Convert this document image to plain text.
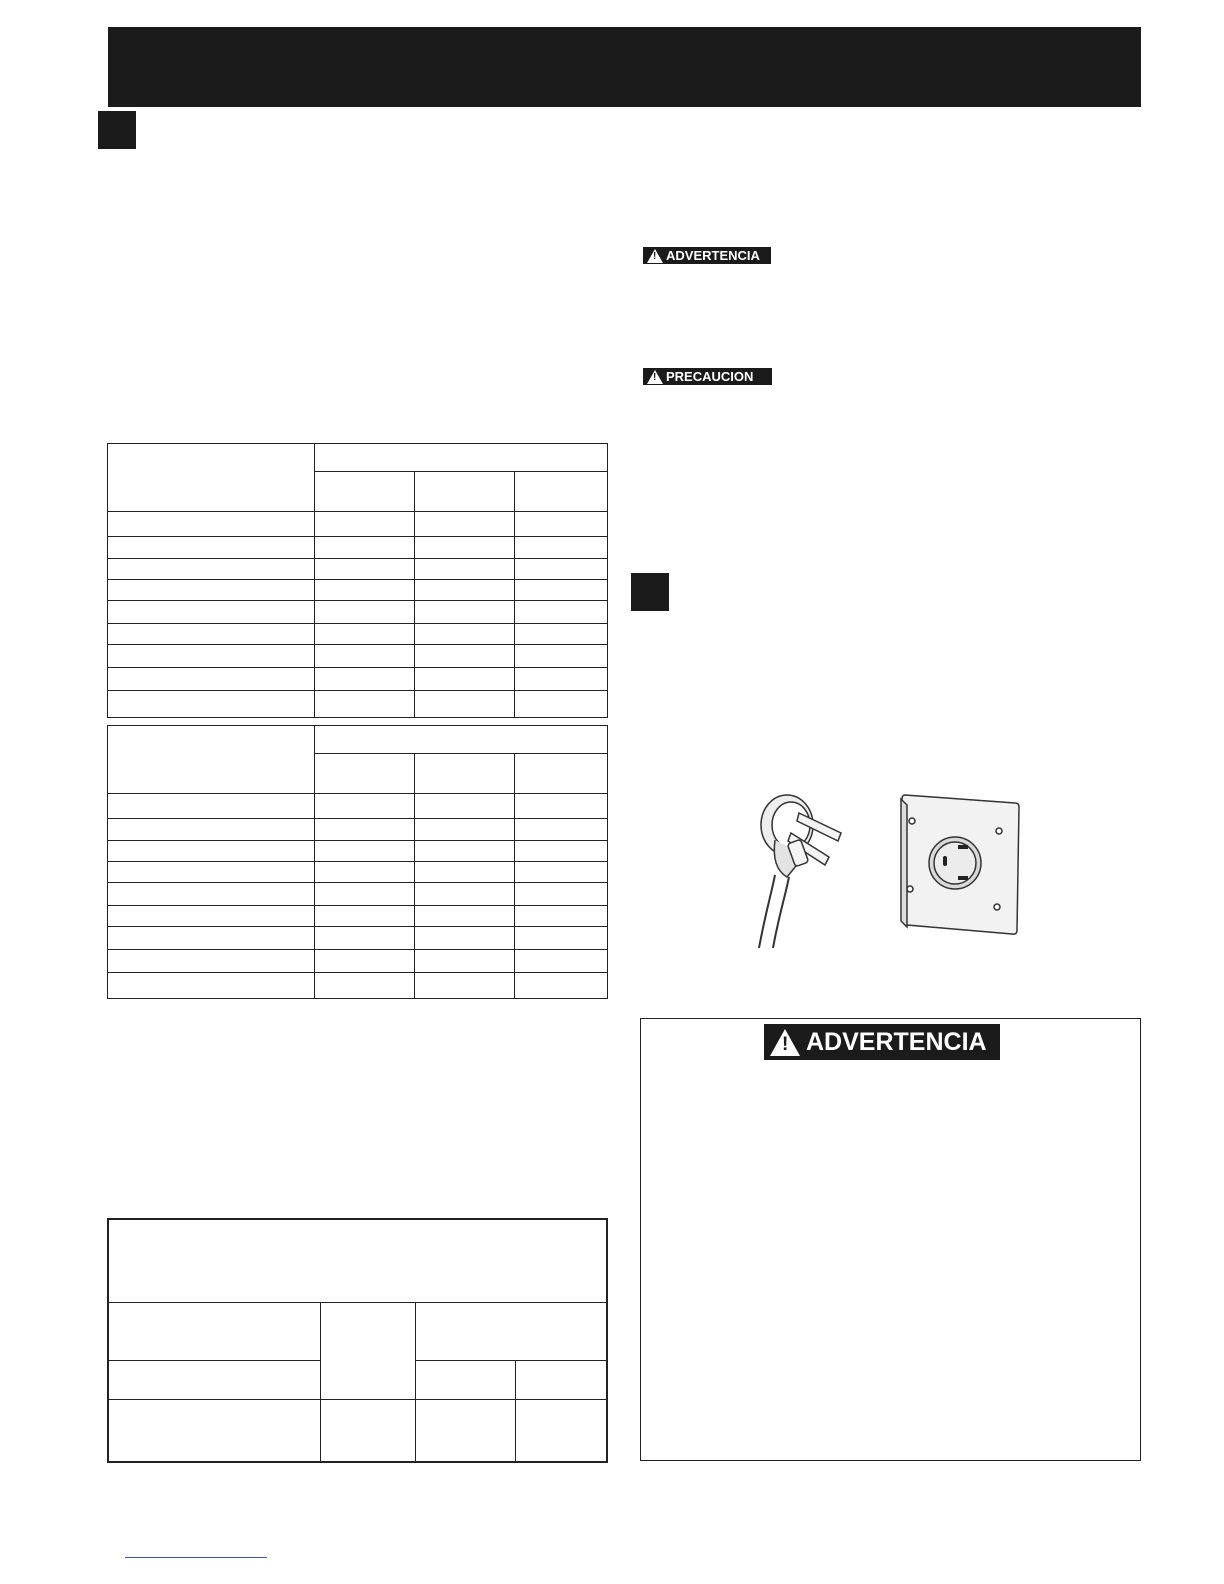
! ADVERTENCIA
! PRECAUCION

! ADVERTENCIA
